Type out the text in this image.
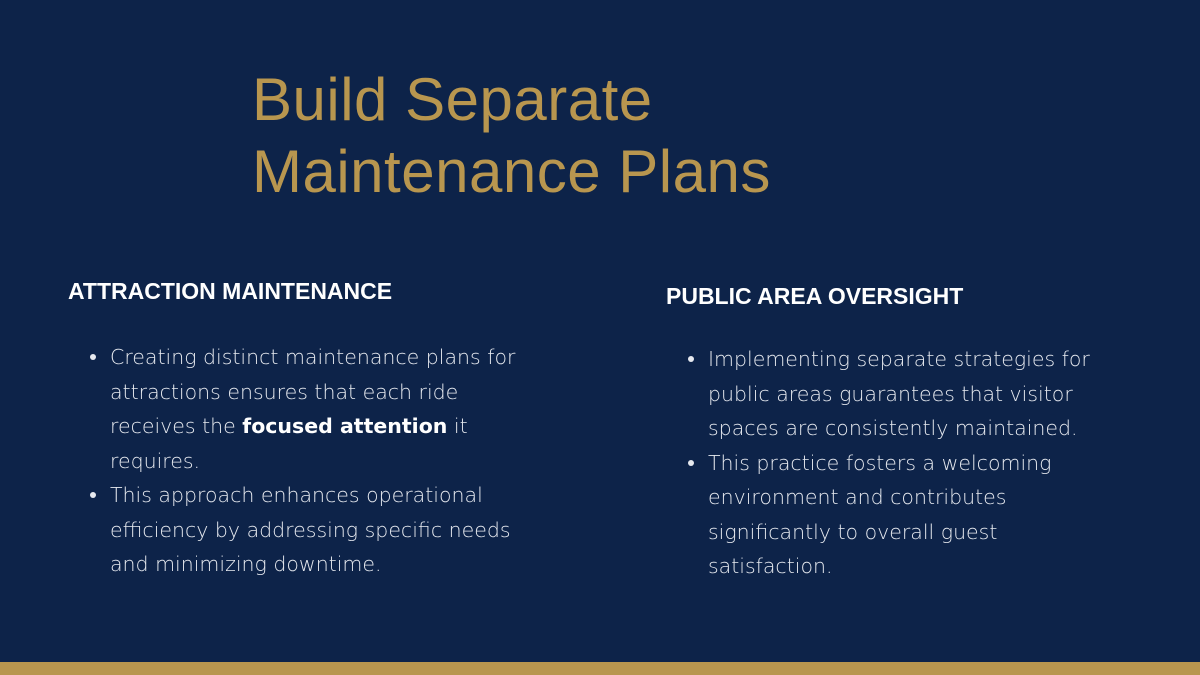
Build Separate
Maintenance Plans
ATTRACTION MAINTENANCE
Creating distinct maintenance plans for attractions ensures that each ride receives the focused attention it requires.
This approach enhances operational efficiency by addressing specific needs and minimizing downtime.
PUBLIC AREA OVERSIGHT
Implementing separate strategies for public areas guarantees that visitor spaces are consistently maintained.
This practice fosters a welcoming environment and contributes significantly to overall guest satisfaction.
